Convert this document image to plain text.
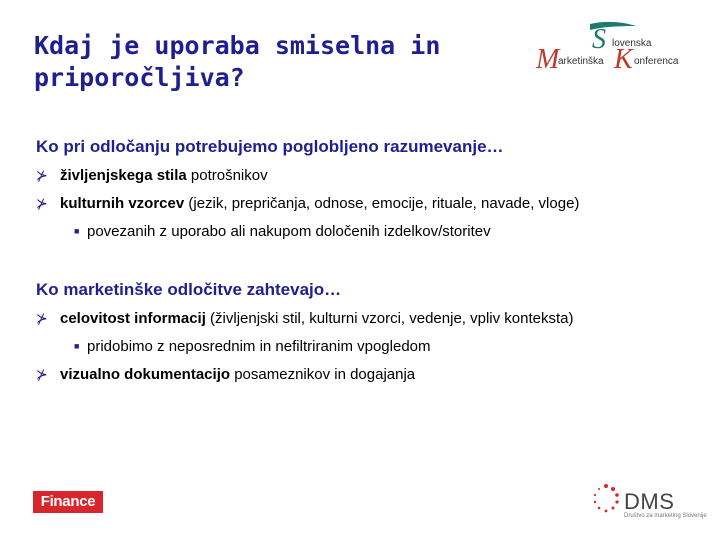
Kdaj je uporaba smiselna in
priporočljiva?
S lovenska
M
arketinška K onferenca
Ko pri odločanju potrebujemo poglobljeno razumevanje…
⊁ življenjskega stila potrošnikov
⊁ kulturnih vzorcev (jezik, prepričanja, odnose, emocije, rituale, navade, vloge)
■ povezanih z uporabo ali nakupom določenih izdelkov/storitev
Ko marketinške odločitve zahtevajo…
⊁ celovitost informacij (življenjski stil, kulturni vzorci, vedenje, vpliv konteksta)
■ pridobimo z neposrednim in nefiltriranim vpogledom
⊁ vizualno dokumentacijo posameznikov in dogajanja
Finance	DMS
Društvo za marketing Slovenije
